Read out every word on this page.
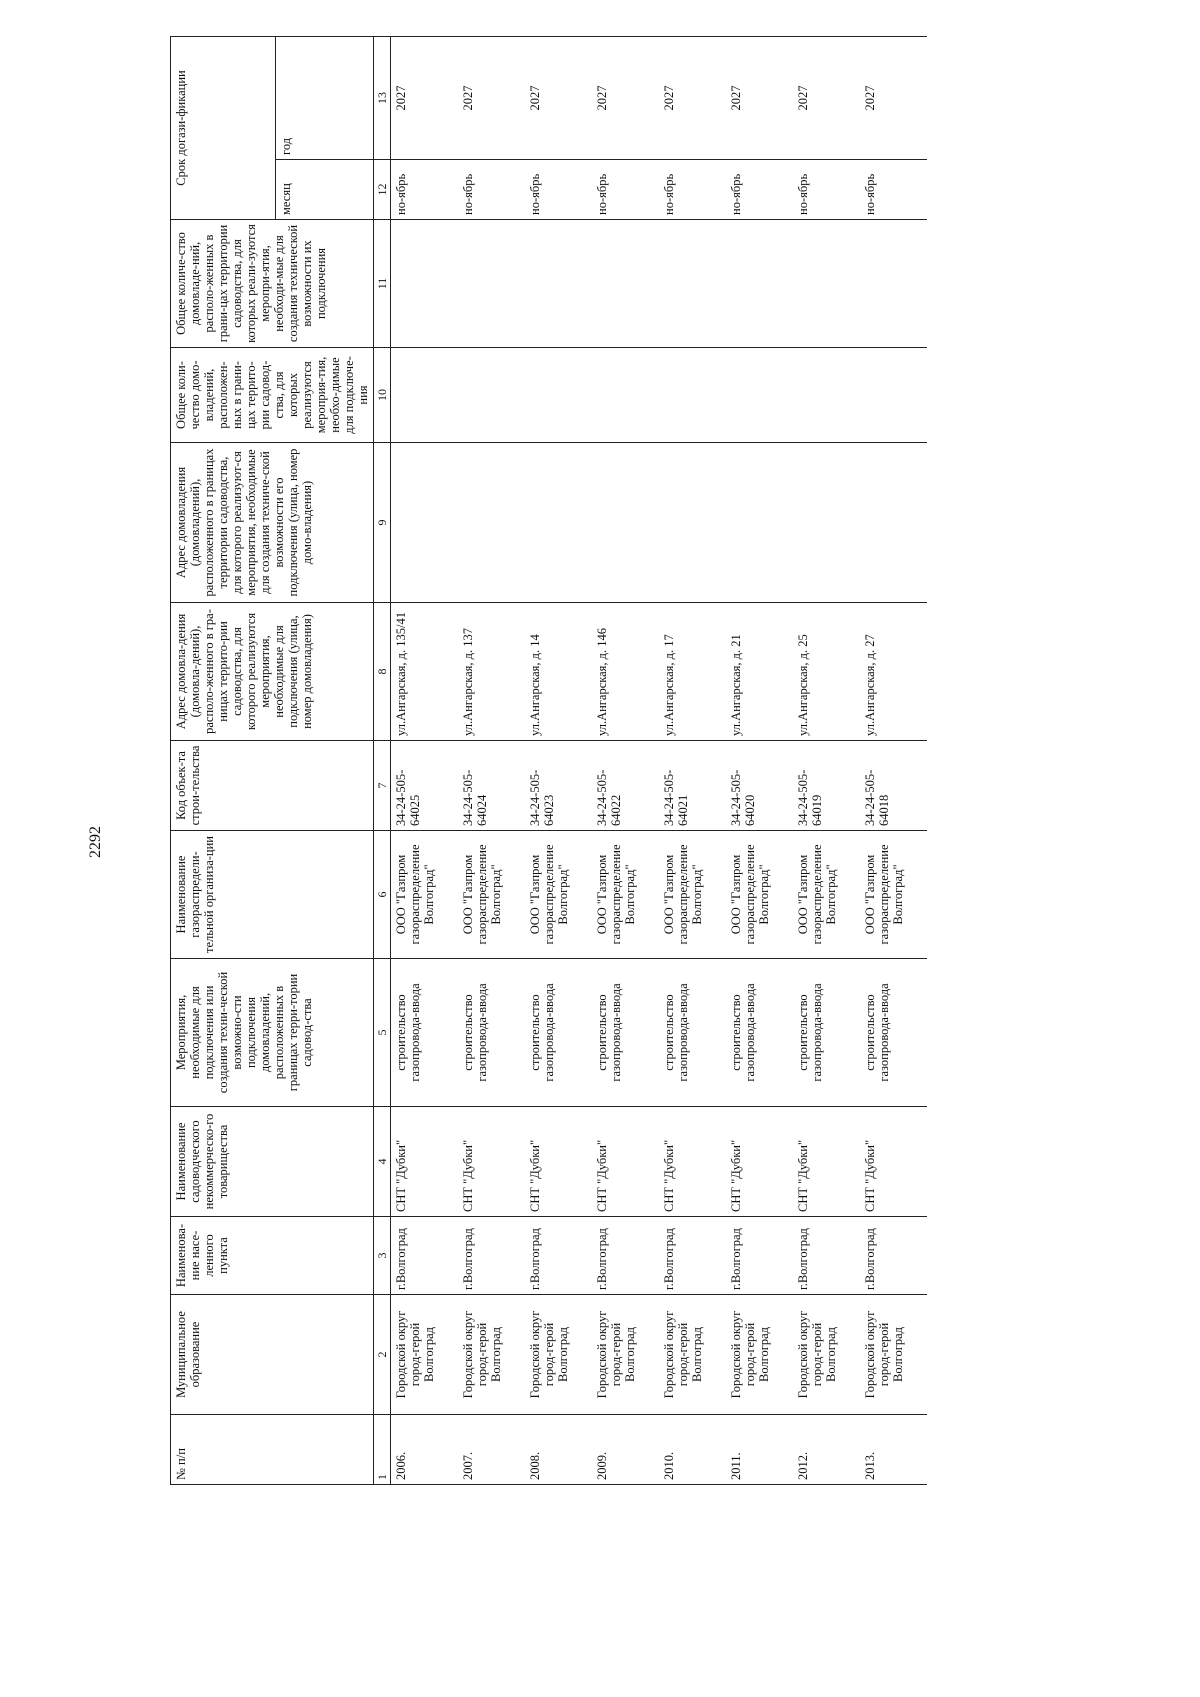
2292
№ п/п	Муниципальное образование	Наименова-ние насе-ленного пункта	Наименование садоводческого некоммерческо-го товарищества	Мероприятия, необходимые для подключения или создания техни-ческой возможно-сти подключения домовладений, расположенных в границах терри-тории садовод-ства	Наименование газораспредели-тельной организа-ции	Код объек-та строи-тельства	Адрес домовла-дения (домовла-дений), располо-женного в гра-ницах террито-рии садоводства, для которого реализуются мероприятия, необходимые для подключения (улица, номер домовладения)	Адрес домовладения (домовладений), расположенного в границах территории садоводства, для которого реализуют-ся мероприятия, необходимые для создания техниче-ской возможности его подключения (улица, номер домо-владения)	Общее коли-чество домо-владений, расположен-ных в грани-цах террито-рии садовод-ства, для которых реализуются мероприя-тия, необхо-димые для подключе-ния	Общее количе-ство домовладе-ний, располо-женных в грани-цах территории садоводства, для которых реали-зуются меропри-ятия, необходи-мые для создания технической возможности их подключения	Срок догази-фикации	
											месяц	год
1	2	3	4	5	6	7	8	9	10	11	12	13
2006.	Городской округ город-герой Волгоград	г.Волгоград	СНТ "Дубки"	строительство газопровода-ввода	ООО "Газпром газораспределение Волгоград"	34-24-505-64025	ул.Ангарская, д. 135/41				но-ябрь	2027
2007.	Городской округ город-герой Волгоград	г.Волгоград	СНТ "Дубки"	строительство газопровода-ввода	ООО "Газпром газораспределение Волгоград"	34-24-505-64024	ул.Ангарская, д. 137				но-ябрь	2027
2008.	Городской округ город-герой Волгоград	г.Волгоград	СНТ "Дубки"	строительство газопровода-ввода	ООО "Газпром газораспределение Волгоград"	34-24-505-64023	ул.Ангарская, д. 14				но-ябрь	2027
2009.	Городской округ город-герой Волгоград	г.Волгоград	СНТ "Дубки"	строительство газопровода-ввода	ООО "Газпром газораспределение Волгоград"	34-24-505-64022	ул.Ангарская, д. 146				но-ябрь	2027
2010.	Городской округ город-герой Волгоград	г.Волгоград	СНТ "Дубки"	строительство газопровода-ввода	ООО "Газпром газораспределение Волгоград"	34-24-505-64021	ул.Ангарская, д. 17				но-ябрь	2027
2011.	Городской округ город-герой Волгоград	г.Волгоград	СНТ "Дубки"	строительство газопровода-ввода	ООО "Газпром газораспределение Волгоград"	34-24-505-64020	ул.Ангарская, д. 21				но-ябрь	2027
2012.	Городской округ город-герой Волгоград	г.Волгоград	СНТ "Дубки"	строительство газопровода-ввода	ООО "Газпром газораспределение Волгоград"	34-24-505-64019	ул.Ангарская, д. 25				но-ябрь	2027
2013.	Городской округ город-герой Волгоград	г.Волгоград	СНТ "Дубки"	строительство газопровода-ввода	ООО "Газпром газораспределение Волгоград"	34-24-505-64018	ул.Ангарская, д. 27				но-ябрь	2027
